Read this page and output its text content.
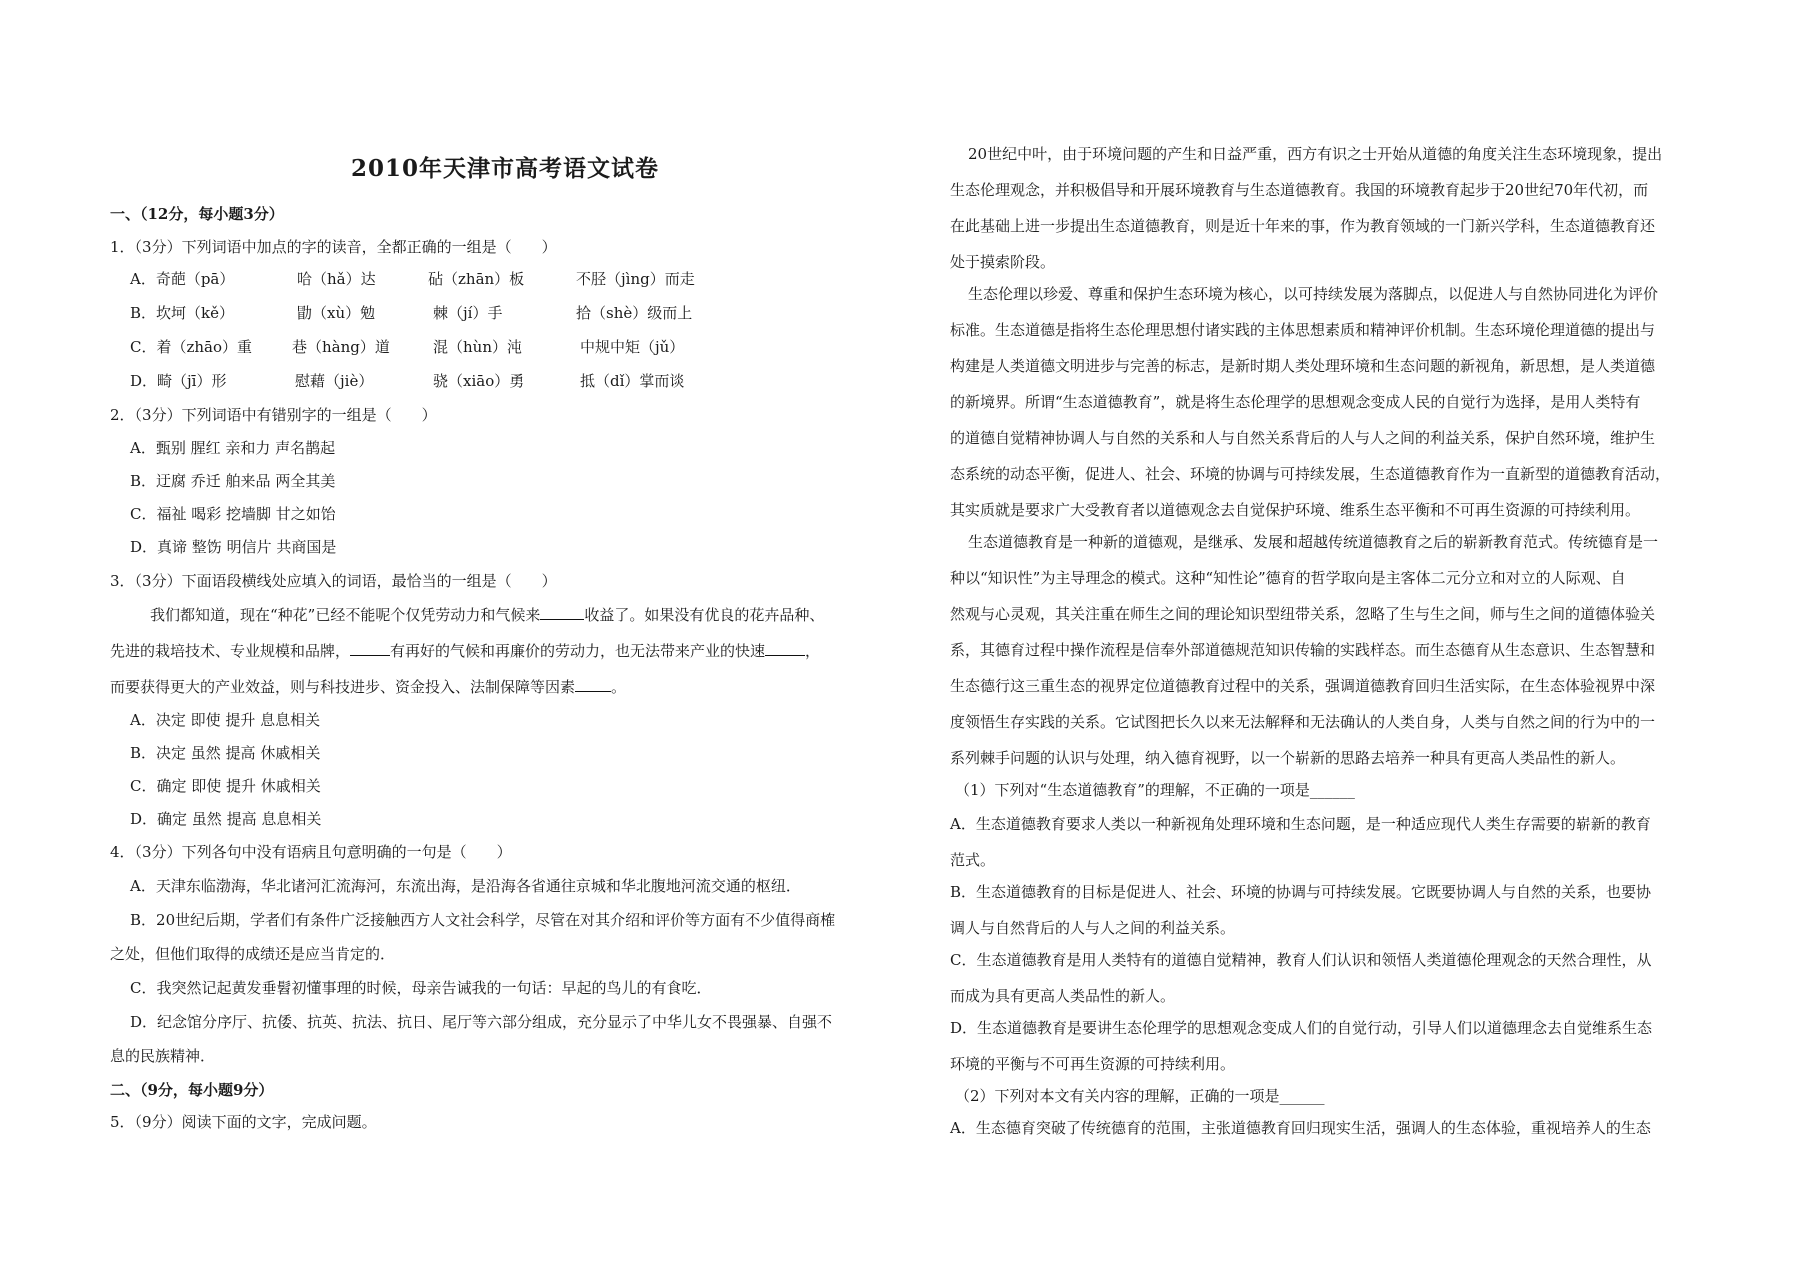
2010年天津市高考语文试卷
一、（12分，每小题3分）
1．（3分）下列词语中加点的字的读音，全都正确的一组是（　　）
A．奇葩（pā）	哈（hǎ）达	砧（zhān）板	不胫（jìng）而走
B．坎坷（kě）	勖（xù）勉	棘（jí）手	拾（shè）级而上
C．着（zhāo）重	巷（hàng）道	混（hùn）沌	中规中矩（jǔ）
D．畸（jī）形	慰藉（jiè）	骁（xiāo）勇	抵（dǐ）掌而谈
2．（3分）下列词语中有错别字的一组是（　　）
A．甄别 腥红 亲和力 声名鹊起
B．迂腐 乔迁 舶来品 两全其美
C．福祉 喝彩 挖墙脚 甘之如饴
D．真谛 整饬 明信片 共商国是
3．（3分）下面语段横线处应填入的词语，最恰当的一组是（　　）
我们都知道，现在“种花”已经不能呢个仅凭劳动力和气候来	收益了。如果没有优良的花卉品种、
先进的栽培技术、专业规模和品牌，	有再好的气候和再廉价的劳动力，也无法带来产业的快速	，
而要获得更大的产业效益，则与科技进步、资金投入、法制保障等因素 。
A．决定 即使 提升 息息相关
B．决定 虽然 提高 休戚相关
C．确定 即使 提升 休戚相关
D．确定 虽然 提高 息息相关
4．（3分）下列各句中没有语病且句意明确的一句是（　　）
A．天津东临渤海，华北诸河汇流海河，东流出海，是沿海各省通往京城和华北腹地河流交通的枢纽．
B．20世纪后期，学者们有条件广泛接触西方人文社会科学，尽管在对其介绍和评价等方面有不少值得商榷
之处，但他们取得的成绩还是应当肯定的．
C．我突然记起黄发垂髫初懂事理的时候，母亲告诫我的一句话：早起的鸟儿的有食吃．
D．纪念馆分序厅、抗倭、抗英、抗法、抗日、尾厅等六部分组成，充分显示了中华儿女不畏强暴、自强不
息的民族精神．
二、（9分，每小题9分）
5．（9分）阅读下面的文字，完成问题。
20世纪中叶，由于环境问题的产生和日益严重，西方有识之士开始从道德的角度关注生态环境现象，提出
生态伦理观念，并积极倡导和开展环境教育与生态道德教育。我国的环境教育起步于20世纪70年代初，而
在此基础上进一步提出生态道德教育，则是近十年来的事，作为教育领域的一门新兴学科，生态道德教育还
处于摸索阶段。
生态伦理以珍爱、尊重和保护生态环境为核心，以可持续发展为落脚点，以促进人与自然协同进化为评价
标准。生态道德是指将生态伦理思想付诸实践的主体思想素质和精神评价机制。生态环境伦理道德的提出与
构建是人类道德文明进步与完善的标志，是新时期人类处理环境和生态问题的新视角，新思想，是人类道德
的新境界。所谓“生态道德教育”，就是将生态伦理学的思想观念变成人民的自觉行为选择，是用人类特有
的道德自觉精神协调人与自然的关系和人与自然关系背后的人与人之间的利益关系，保护自然环境，维护生
态系统的动态平衡，促进人、社会、环境的协调与可持续发展，生态道德教育作为一直新型的道德教育活动，
其实质就是要求广大受教育者以道德观念去自觉保护环境、维系生态平衡和不可再生资源的可持续利用。
生态道德教育是一种新的道德观，是继承、发展和超越传统道德教育之后的崭新教育范式。传统德育是一
种以“知识性”为主导理念的模式。这种“知性论”德育的哲学取向是主客体二元分立和对立的人际观、自
然观与心灵观，其关注重在师生之间的理论知识型纽带关系，忽略了生与生之间，师与生之间的道德体验关
系，其德育过程中操作流程是信奉外部道德规范知识传输的实践样态。而生态德育从生态意识、生态智慧和
生态德行这三重生态的视界定位道德教育过程中的关系，强调道德教育回归生活实际，在生态体验视界中深
度领悟生存实践的关系。它试图把长久以来无法解释和无法确认的人类自身，人类与自然之间的行为中的一
系列棘手问题的认识与处理，纳入德育视野，以一个崭新的思路去培养一种具有更高人类品性的新人。
（1）下列对“生态道德教育”的理解，不正确的一项是______
A．生态道德教育要求人类以一种新视角处理环境和生态问题，是一种适应现代人类生存需要的崭新的教育
范式。
B．生态道德教育的目标是促进人、社会、环境的协调与可持续发展。它既要协调人与自然的关系，也要协
调人与自然背后的人与人之间的利益关系。
C．生态道德教育是用人类特有的道德自觉精神，教育人们认识和领悟人类道德伦理观念的天然合理性，从
而成为具有更高人类品性的新人。
D．生态道德教育是要讲生态伦理学的思想观念变成人们的自觉行动，引导人们以道德理念去自觉维系生态
环境的平衡与不可再生资源的可持续利用。
（2）下列对本文有关内容的理解，正确的一项是______
A．生态德育突破了传统德育的范围，主张道德教育回归现实生活，强调人的生态体验，重视培养人的生态
